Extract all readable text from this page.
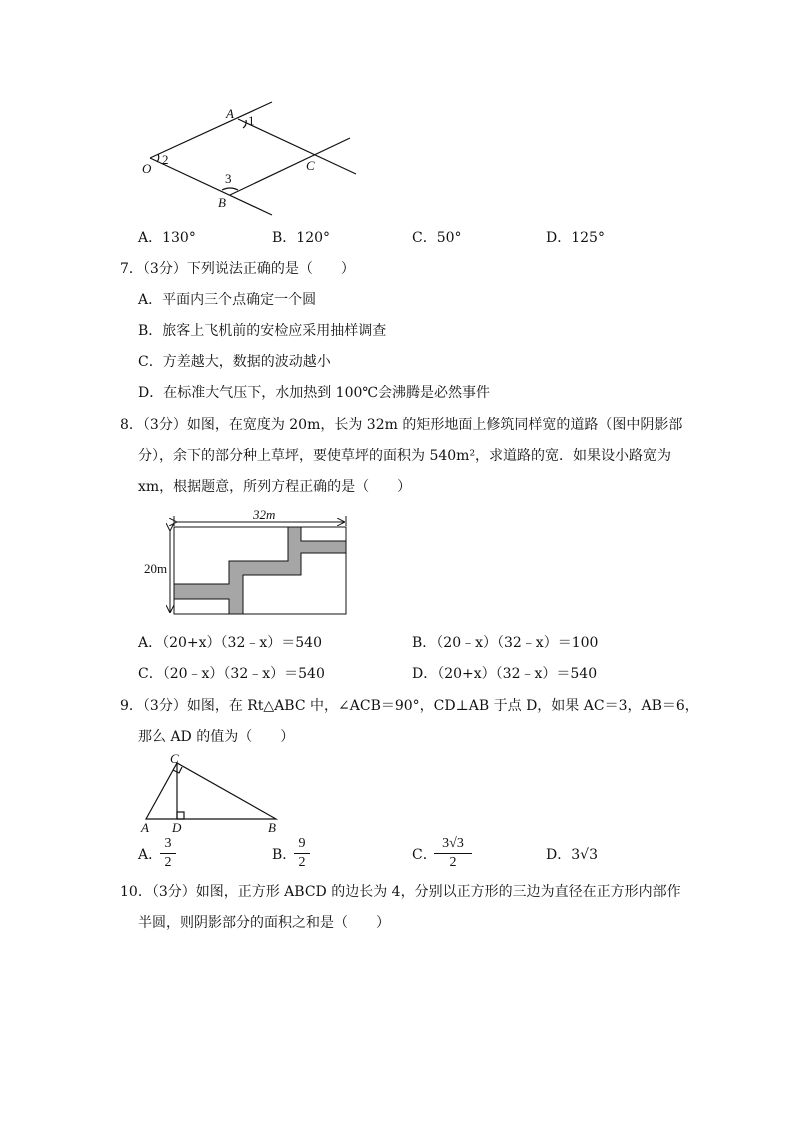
A 1
O
2
3
B
C
A．130°	B．120°	C．50°	D．125°
7．（3分）下列说法正确的是（　　）
A．平面内三个点确定一个圆
B．旅客上飞机前的安检应采用抽样调查
C．方差越大，数据的波动越小
D．在标准大气压下，水加热到 100℃会沸腾是必然事件
8．（3分）如图，在宽度为 20m，长为 32m 的矩形地面上修筑同样宽的道路（图中阴影部
分），余下的部分种上草坪，要使草坪的面积为 540m²，求道路的宽．如果设小路宽为
xm，根据题意，所列方程正确的是（　　）
32m
20m
A．（20+x）（32﹣x）＝540	B．（20﹣x）（32﹣x）＝100
C．（20﹣x）（32﹣x）＝540	D．（20+x）（32﹣x）＝540
9．（3分）如图，在 Rt△ABC 中，∠ACB＝90°，CD⊥AB 于点 D，如果 AC＝3，AB＝6，
那么 AD 的值为（　　）
C
A D	B
A．
3
2	B．
9
2	C．
3√3
2	D．3√3
10．（3分）如图，正方形 ABCD 的边长为 4，分别以正方形的三边为直径在正方形内部作
半圆，则阴影部分的面积之和是（　　）
